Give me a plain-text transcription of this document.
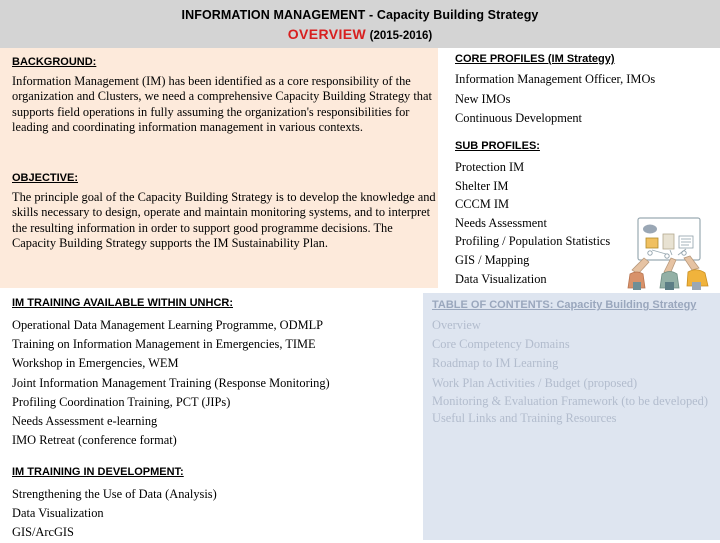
INFORMATION MANAGEMENT - Capacity Building Strategy
OVERVIEW (2015-2016)
BACKGROUND:
Information Management (IM) has been identified as a core responsibility of the organization and Clusters, we need a comprehensive Capacity Building Strategy that supports field operations in fully assuming the organization's responsibilities for leading and coordinating information management in various contexts.
OBJECTIVE:
The principle goal of the Capacity Building Strategy is to develop the knowledge and skills necessary to design, operate and maintain monitoring systems, and to interpret the resulting information in order to support good programme decisions. The Capacity Building Strategy supports the IM Sustainability Plan.
CORE PROFILES (IM Strategy)
Information Management Officer, IMOs
New IMOs
Continuous Development
SUB PROFILES:
Protection IM
Shelter IM
CCCM IM
Needs Assessment
Profiling / Population Statistics
GIS / Mapping
Data Visualization
IM TRAINING AVAILABLE WITHIN UNHCR:
Operational Data Management Learning Programme, ODMLP
Training on Information Management in Emergencies, TIME
Workshop in Emergencies, WEM
Joint Information Management Training (Response Monitoring)
Profiling Coordination Training, PCT (JIPs)
Needs Assessment e-learning
IMO Retreat (conference format)
IM TRAINING IN DEVELOPMENT:
Strengthening the Use of Data (Analysis)
Data Visualization
GIS/ArcGIS
TABLE OF CONTENTS: Capacity Building Strategy
Overview
Core Competency Domains
Roadmap to IM Learning
Work Plan Activities / Budget (proposed)
Monitoring & Evaluation Framework (to be developed)
Useful Links and Training Resources
